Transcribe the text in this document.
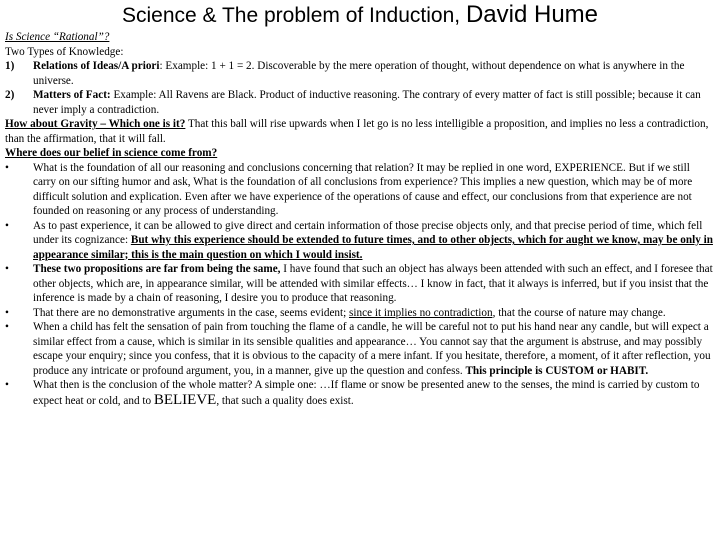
Science & The problem of Induction, David Hume

Is Science “Rational”?

Two Types of Knowledge:

1)	Relations of Ideas/A priori: Example: 1 + 1 = 2. Discoverable by the mere operation of thought, without dependence on what is anywhere in the universe.
2)	Matters of Fact: Example: All Ravens are Black. Product of inductive reasoning. The contrary of every matter of fact is still possible; because it can never imply a contradiction.

How about Gravity – Which one is it? That this ball will rise upwards when I let go is no less intelligible a proposition, and implies no less a contradiction, than the affirmation, that it will fall.

Where does our belief in science come from?

•	What is the foundation of all our reasoning and conclusions concerning that relation? It may be replied in one word, EXPERIENCE. But if we still carry on our sifting humor and ask, What is the foundation of all conclusions from experience? This implies a new question, which may be of more difficult solution and explication. Even after we have experience of the operations of cause and effect, our conclusions from that experience are not founded on reasoning or any process of understanding.
•	As to past experience, it can be allowed to give direct and certain information of those precise objects only, and that precise period of time, which fell under its cognizance: But why this experience should be extended to future times, and to other objects, which for aught we know, may be only in appearance similar; this is the main question on which I would insist.
•	These two propositions are far from being the same, I have found that such an object has always been attended with such an effect, and I foresee that other objects, which are, in appearance similar, will be attended with similar effects… I know in fact, that it always is inferred, but if you insist that the inference is made by a chain of reasoning, I desire you to produce that reasoning.
•	That there are no demonstrative arguments in the case, seems evident; since it implies no contradiction, that the course of nature may change.
•	When a child has felt the sensation of pain from touching the flame of a candle, he will be careful not to put his hand near any candle, but will expect a similar effect from a cause, which is similar in its sensible qualities and appearance… You cannot say that the argument is abstruse, and may possibly escape your enquiry; since you confess, that it is obvious to the capacity of a mere infant. If you hesitate, therefore, a moment, of it after reflection, you produce any intricate or profound argument, you, in a manner, give up the question and confess. This principle is CUSTOM or HABIT.
•	What then is the conclusion of the whole matter? A simple one: …If flame or snow be presented anew to the senses, the mind is carried by custom to expect heat or cold, and to BELIEVE, that such a quality does exist.
